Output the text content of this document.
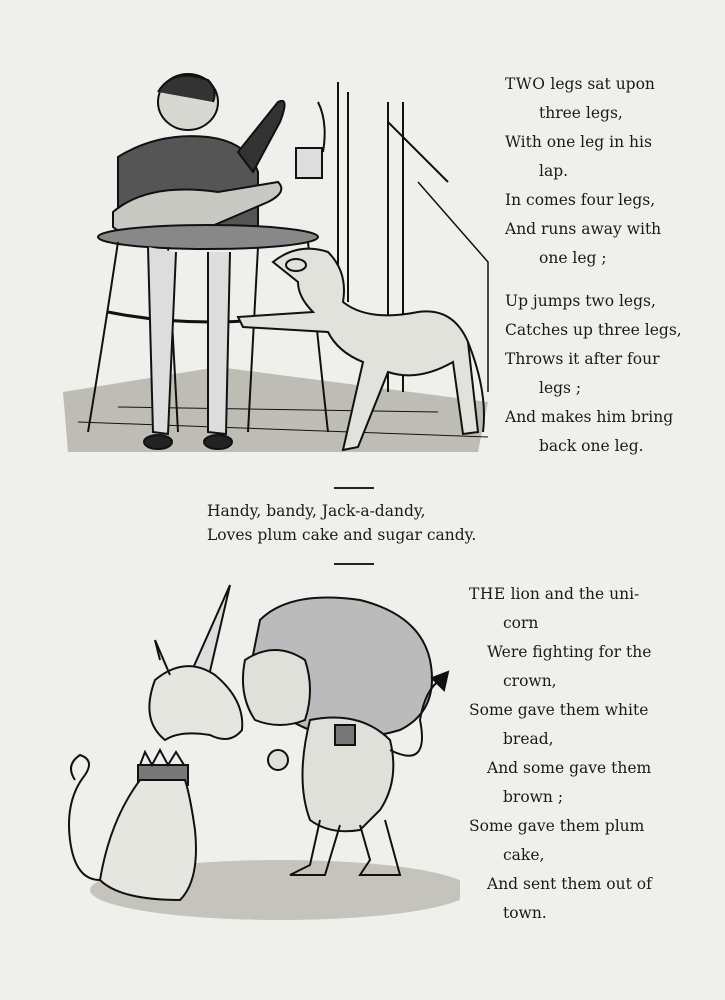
TWO legs sat upon
three legs,
With one leg in his
lap.
In comes four legs,
And runs away with
one leg ;
Up jumps two legs,
Catches up three legs,
Throws it after four
legs ;
And makes him bring
back one leg.
Handy, bandy, Jack-a-dandy,
Loves plum cake and sugar candy.
THE lion and the uni-
corn
Were fighting for the
crown,
Some gave them white
bread,
And some gave them
brown ;
Some gave them plum
cake,
And sent them out of
town.
